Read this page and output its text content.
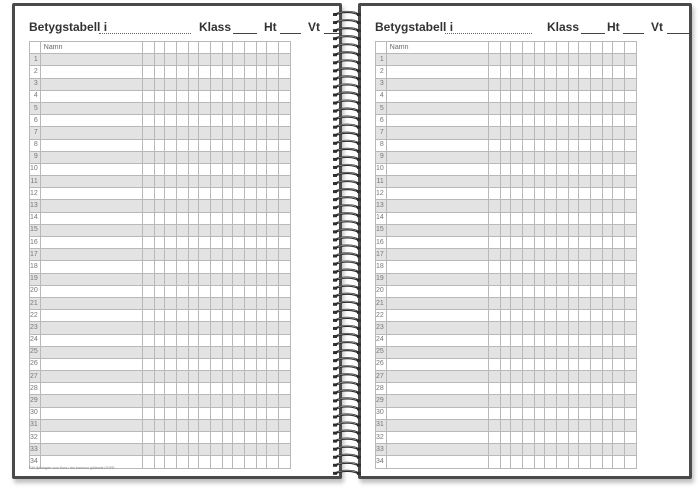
Betygstabell i	Klass	Ht	Vt
	Namn													
1														
2														
3														
4														
5														
6														
7														
8														
9														
10														
11														
12														
13														
14														
15														
16														
17														
18														
19														
20														
21														
22														
23														
24														
25														
26														
27														
28														
29														
30														
31														
32														
33														
34														
Fält ifyllningen som finns i din kommun gällande GDPR
Betygstabell i	Klass Ht	Vt
	Namn													
1														
2														
3														
4														
5														
6														
7														
8														
9														
10														
11														
12														
13														
14														
15														
16														
17														
18														
19														
20														
21														
22														
23														
24														
25														
26														
27														
28														
29														
30														
31														
32														
33														
34														
